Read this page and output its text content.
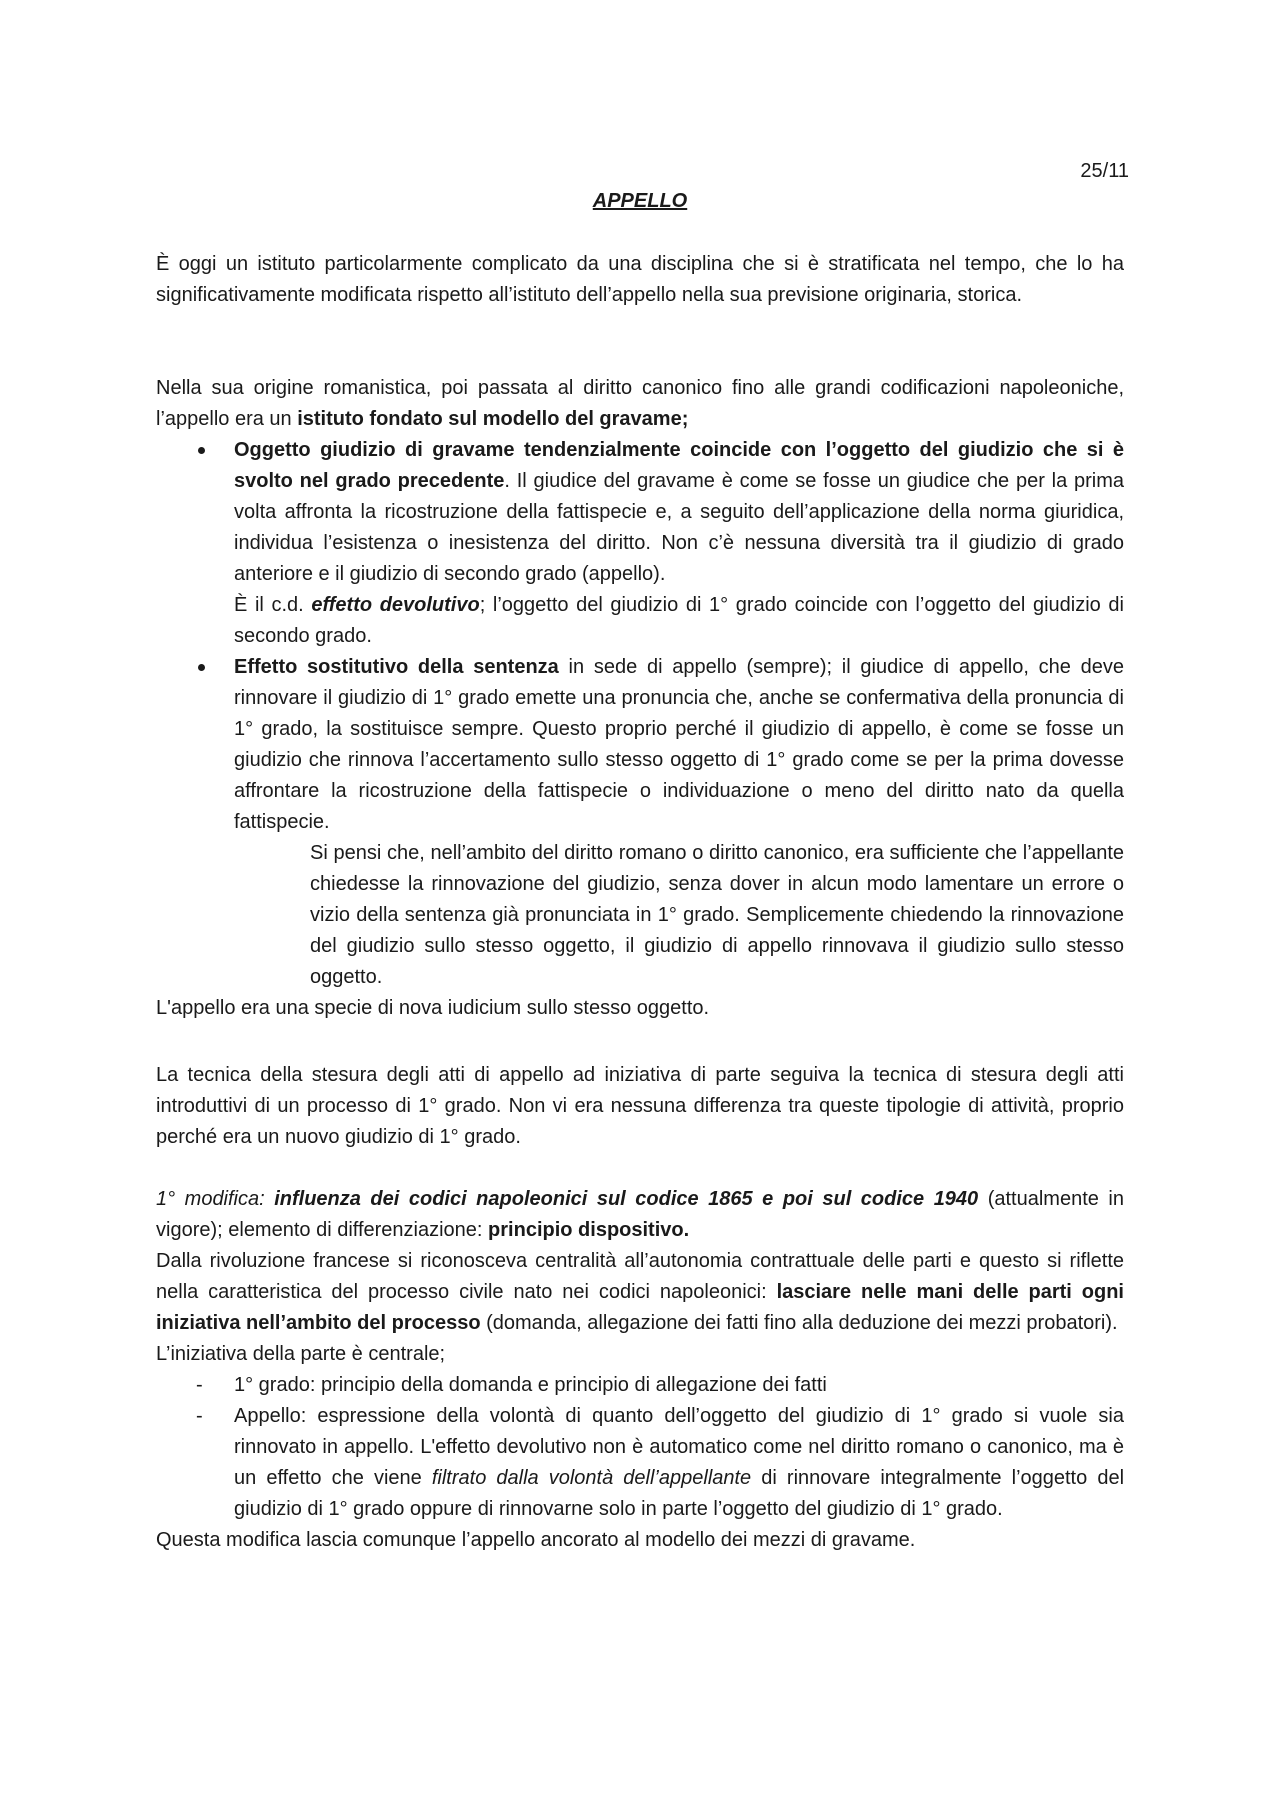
25/11
APPELLO

È oggi un istituto particolarmente complicato da una disciplina che si è stratificata nel tempo, che lo ha significativamente modificata rispetto all’istituto dell’appello nella sua previsione originaria, storica.

Nella sua origine romanistica, poi passata al diritto canonico fino alle grandi codificazioni napoleoniche, l’appello era un istituto fondato sul modello del gravame;

Oggetto giudizio di gravame tendenzialmente coincide con l’oggetto del giudizio che si è svolto nel grado precedente. Il giudice del gravame è come se fosse un giudice che per la prima volta affronta la ricostruzione della fattispecie e, a seguito dell’applicazione della norma giuridica, individua l’esistenza o inesistenza del diritto. Non c’è nessuna diversità tra il giudizio di grado anteriore e il giudizio di secondo grado (appello).
È il c.d. effetto devolutivo; l’oggetto del giudizio di 1° grado coincide con l’oggetto del giudizio di secondo grado.
Effetto sostitutivo della sentenza in sede di appello (sempre); il giudice di appello, che deve rinnovare il giudizio di 1° grado emette una pronuncia che, anche se confermativa della pronuncia di 1° grado, la sostituisce sempre. Questo proprio perché il giudizio di appello, è come se fosse un giudizio che rinnova l’accertamento sullo stesso oggetto di 1° grado come se per la prima dovesse affrontare la ricostruzione della fattispecie o individuazione o meno del diritto nato da quella fattispecie.

Si pensi che, nell’ambito del diritto romano o diritto canonico, era sufficiente che l’appellante chiedesse la rinnovazione del giudizio, senza dover in alcun modo lamentare un errore o vizio della sentenza già pronunciata in 1° grado. Semplicemente chiedendo la rinnovazione del giudizio sullo stesso oggetto, il giudizio di appello rinnovava il giudizio sullo stesso oggetto.

L'appello era una specie di nova iudicium sullo stesso oggetto.

La tecnica della stesura degli atti di appello ad iniziativa di parte seguiva la tecnica di stesura degli atti introduttivi di un processo di 1° grado. Non vi era nessuna differenza tra queste tipologie di attività, proprio perché era un nuovo giudizio di 1° grado.

1° modifica: influenza dei codici napoleonici sul codice 1865 e poi sul codice 1940 (attualmente in vigore); elemento di differenziazione: principio dispositivo.

Dalla rivoluzione francese si riconosceva centralità all’autonomia contrattuale delle parti e questo si riflette nella caratteristica del processo civile nato nei codici napoleonici: lasciare nelle mani delle parti ogni iniziativa nell’ambito del processo (domanda, allegazione dei fatti fino alla deduzione dei mezzi probatori).

L’iniziativa della parte è centrale;

- 1° grado: principio della domanda e principio di allegazione dei fatti
- Appello: espressione della volontà di quanto dell’oggetto del giudizio di 1° grado si vuole sia rinnovato in appello. L'effetto devolutivo non è automatico come nel diritto romano o canonico, ma è un effetto che viene filtrato dalla volontà dell’appellante di rinnovare integralmente l’oggetto del giudizio di 1° grado oppure di rinnovarne solo in parte l’oggetto del giudizio di 1° grado.

Questa modifica lascia comunque l’appello ancorato al modello dei mezzi di gravame.
